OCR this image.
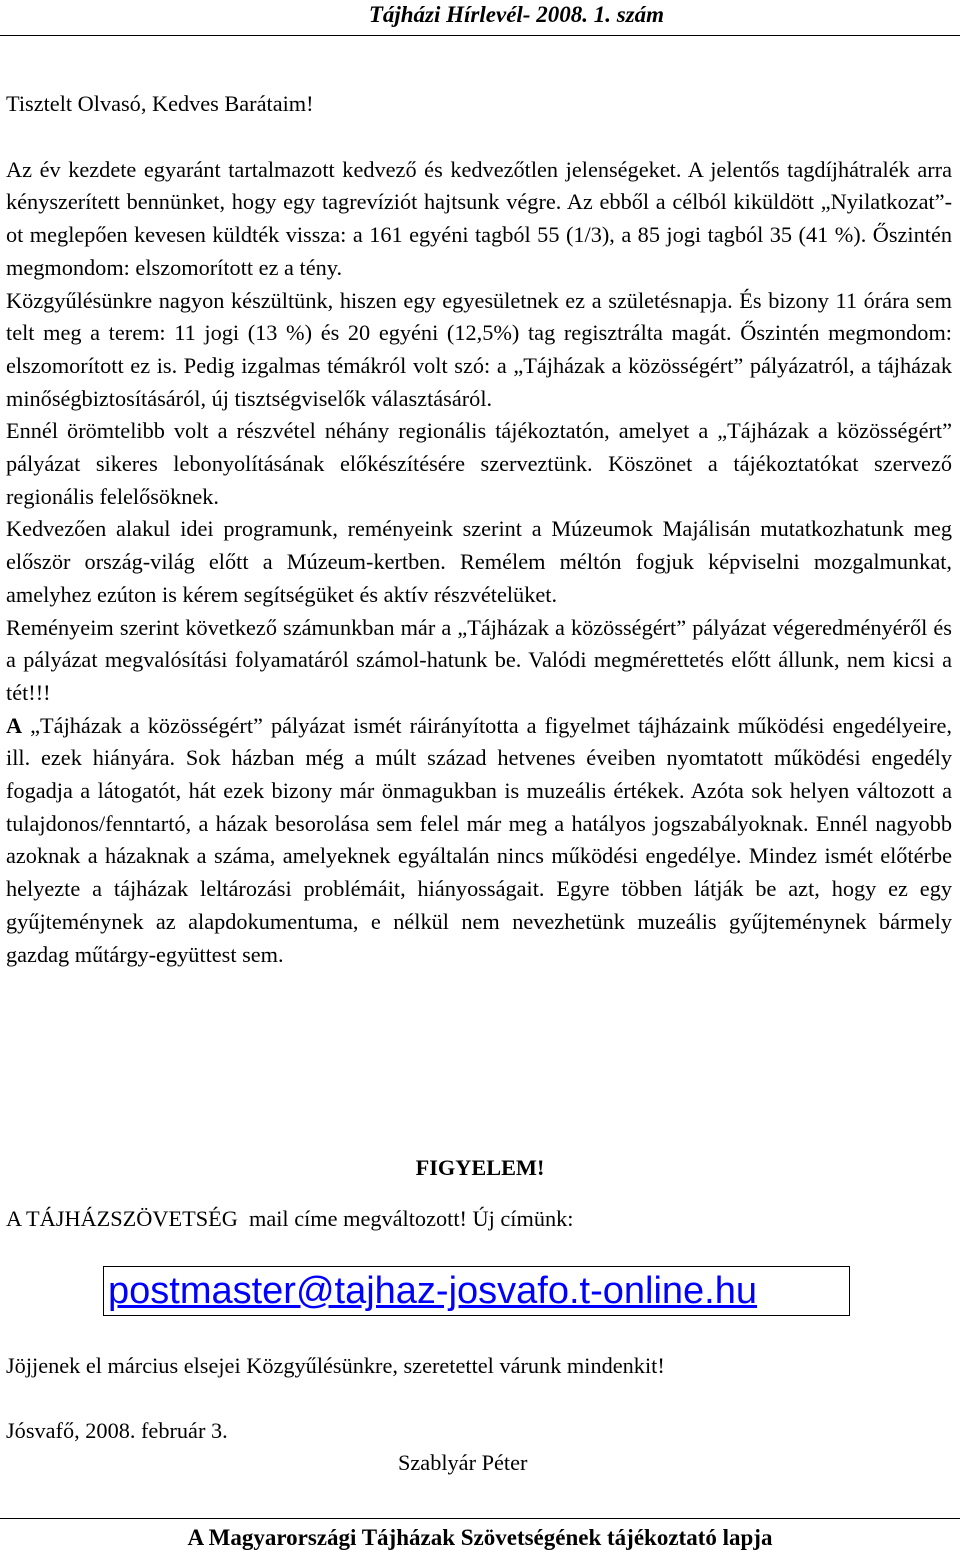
Tájházi Hírlevél- 2008. 1. szám

Tisztelt Olvasó, Kedves Barátaim!

Az év kezdete egyaránt tartalmazott kedvező és kedvezőtlen jelenségeket. A jelentős tagdíjhátralék arra kényszerített bennünket, hogy egy tagrevíziót hajtsunk végre. Az ebből a célból kiküldött „Nyilatkozat”-ot meglepően kevesen küldték vissza: a 161 egyéni tagból 55 (1/3), a 85 jogi tagból 35 (41 %). Őszintén megmondom: elszomorított ez a tény.

Közgyűlésünkre nagyon készültünk, hiszen egy egyesületnek ez a születésnapja. És bizony 11 órára sem telt meg a terem: 11 jogi (13 %) és 20 egyéni (12,5%) tag regisztrálta magát. Őszintén megmondom: elszomorított ez is. Pedig izgalmas témákról volt szó: a „Tájházak a közösségért” pályázatról, a tájházak minőségbiztosításáról, új tisztségviselők választásáról.

Ennél örömtelibb volt a részvétel néhány regionális tájékoztatón, amelyet a „Tájházak a közösségért” pályázat sikeres lebonyolításának előkészítésére szerveztünk. Köszönet a tájékoztatókat szervező regionális felelősöknek.

Kedvezően alakul idei programunk, reményeink szerint a Múzeumok Majálisán mutatkozhatunk meg először ország-világ előtt a Múzeum-kertben. Remélem méltón fogjuk képviselni mozgalmunkat, amelyhez ezúton is kérem segítségüket és aktív részvételüket.

Reményeim szerint következő számunkban már a „Tájházak a közösségért” pályázat végeredményéről és a pályázat megvalósítási folyamatáról számol-hatunk be. Valódi megmérettetés előtt állunk, nem kicsi a tét!!!

A „Tájházak a közösségért” pályázat ismét ráirányította a figyelmet tájházaink működési engedélyeire, ill. ezek hiányára. Sok házban még a múlt század hetvenes éveiben nyomtatott működési engedély fogadja a látogatót, hát ezek bizony már önmagukban is muzeális értékek. Azóta sok helyen változott a tulajdonos/fenntartó, a házak besorolása sem felel már meg a hatályos jogszabályoknak. Ennél nagyobb azoknak a házaknak a száma, amelyeknek egyáltalán nincs működési engedélye. Mindez ismét előtérbe helyezte a tájházak leltározási problémáit, hiányosságait. Egyre többen látják be azt, hogy ez egy gyűjteménynek az alapdokumentuma, e nélkül nem nevezhetünk muzeális gyűjteménynek bármely gazdag műtárgy-együttest sem.

FIGYELEM!
A TÁJHÁZSZÖVETSÉG  mail címe megváltozott! Új címünk:
postmaster@tajhaz-josvafo.t-online.hu
Jöjjenek el március elsejei Közgyűlésünkre, szeretettel várunk mindenkit!
Jósvafő, 2008. február 3.
Szablyár Péter
A Magyarországi Tájházak Szövetségének tájékoztató lapja
